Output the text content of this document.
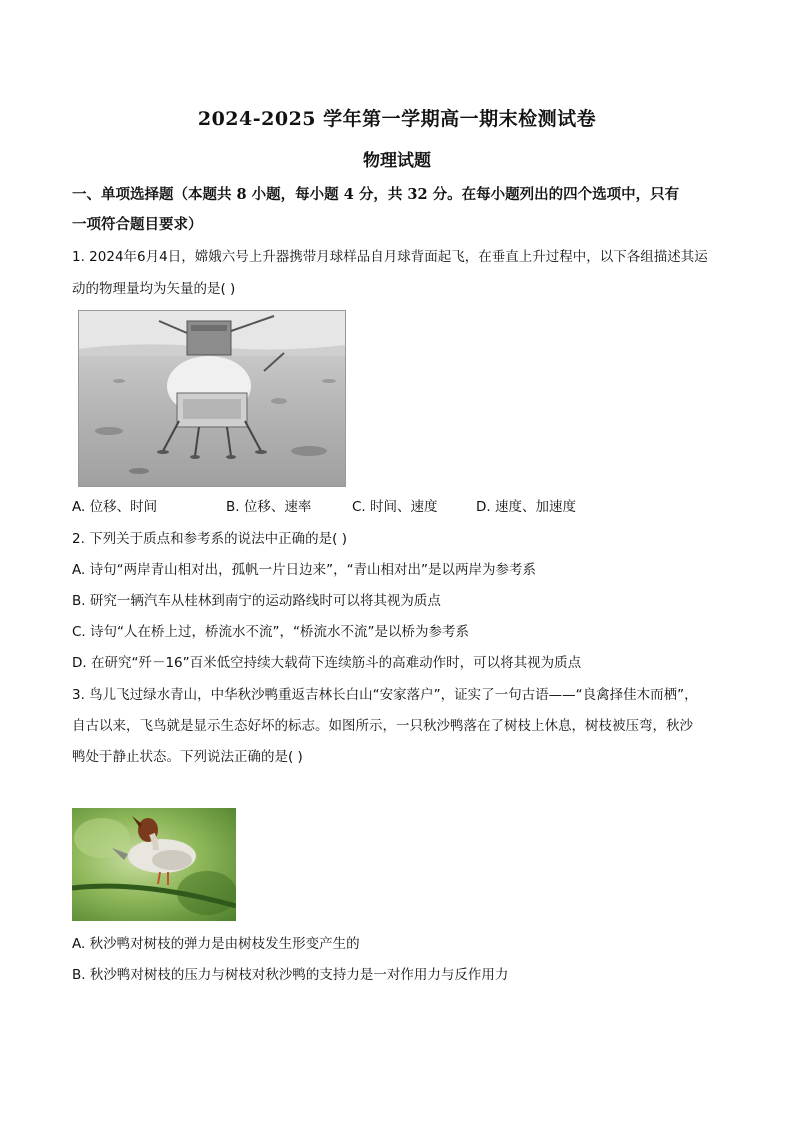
2024-2025 学年第一学期高一期末检测试卷
物理试题
一、单项选择题（本题共 8 小题，每小题 4 分，共 32 分。在每小题列出的四个选项中，只有
一项符合题目要求）
1. 2024年6月4日，嫦娥六号上升器携带月球样品自月球背面起飞，在垂直上升过程中，以下各组描述其运
动的物理量均为矢量的是( )
A. 位移、时间	B. 位移、速率	C. 时间、速度	D. 速度、加速度
2. 下列关于质点和参考系的说法中正确的是( )
A. 诗句“两岸青山相对出，孤帆一片日边来”，“青山相对出”是以两岸为参考系
B. 研究一辆汽车从桂林到南宁的运动路线时可以将其视为质点
C. 诗句“人在桥上过，桥流水不流”，“桥流水不流”是以桥为参考系
D. 在研究“歼－16”百米低空持续大载荷下连续筋斗的高难动作时，可以将其视为质点
3. 鸟儿飞过绿水青山，中华秋沙鸭重返吉林长白山“安家落户”，证实了一句古语——“良禽择佳木而栖”，
自古以来，飞鸟就是显示生态好坏的标志。如图所示，一只秋沙鸭落在了树枝上休息，树枝被压弯，秋沙
鸭处于静止状态。下列说法正确的是( )
A. 秋沙鸭对树枝的弹力是由树枝发生形变产生的
B. 秋沙鸭对树枝的压力与树枝对秋沙鸭的支持力是一对作用力与反作用力
